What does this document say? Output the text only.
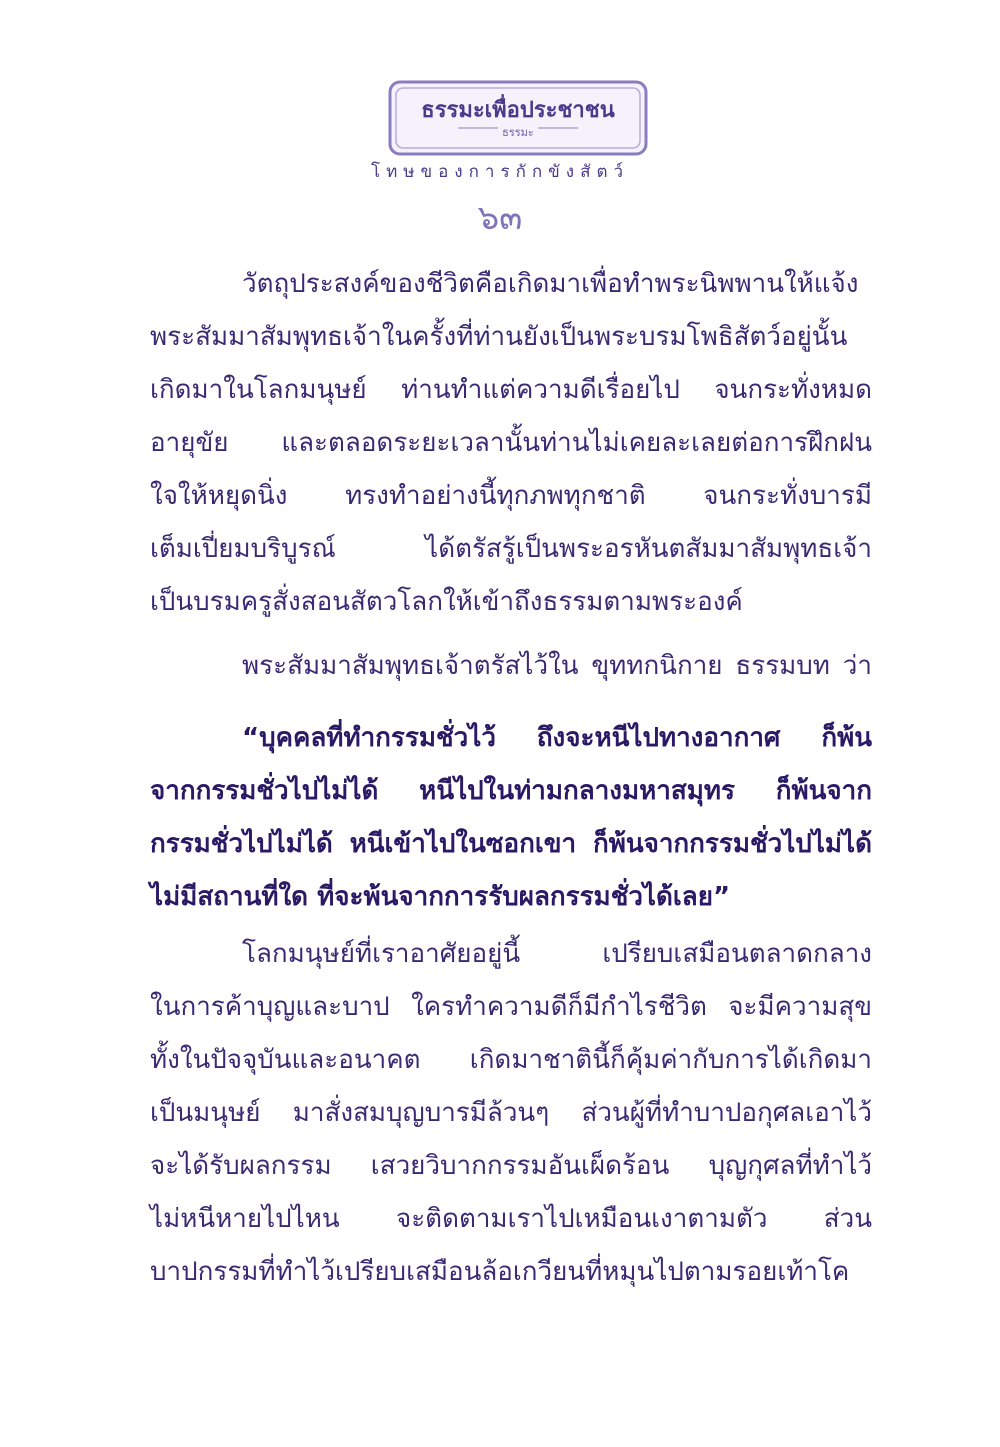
ธรรมะเพื่อประชาชน
ธรรมะ
โทษของการกักขังสัตว์
๖๓
วัตถุประสงค์ของชีวิตคือเกิดมาเพื่อทำพระนิพพานให้แจ้ง
พระสัมมาสัมพุทธเจ้าในครั้งที่ท่านยังเป็นพระบรมโพธิสัตว์อยู่นั้น
เกิดมาในโลกมนุษย์ ท่านทำแต่ความดีเรื่อยไป จนกระทั่งหมด
อายุขัย และตลอดระยะเวลานั้นท่านไม่เคยละเลยต่อการฝึกฝน
ใจให้หยุดนิ่ง ทรงทำอย่างนี้ทุกภพทุกชาติ จนกระทั่งบารมี
เต็มเปี่ยมบริบูรณ์ ได้ตรัสรู้เป็นพระอรหันตสัมมาสัมพุทธเจ้า
เป็นบรมครูสั่งสอนสัตวโลกให้เข้าถึงธรรมตามพระองค์
พระสัมมาสัมพุทธเจ้าตรัสไว้ใน ขุททกนิกาย ธรรมบท ว่า
“บุคคลที่ทำกรรมชั่วไว้ ถึงจะหนีไปทางอากาศ ก็พ้น
จากกรรมชั่วไปไม่ได้ หนีไปในท่ามกลางมหาสมุทร ก็พ้นจาก
กรรมชั่วไปไม่ได้ หนีเข้าไปในซอกเขา ก็พ้นจากกรรมชั่วไปไม่ได้
ไม่มีสถานที่ใด ที่จะพ้นจากการรับผลกรรมชั่วได้เลย”
โลกมนุษย์ที่เราอาศัยอยู่นี้ เปรียบเสมือนตลาดกลาง
ในการค้าบุญและบาป ใครทำความดีก็มีกำไรชีวิต จะมีความสุข
ทั้งในปัจจุบันและอนาคต เกิดมาชาตินี้ก็คุ้มค่ากับการได้เกิดมา
เป็นมนุษย์ มาสั่งสมบุญบารมีล้วนๆ ส่วนผู้ที่ทำบาปอกุศลเอาไว้
จะได้รับผลกรรม เสวยวิบากกรรมอันเผ็ดร้อน บุญกุศลที่ทำไว้
ไม่หนีหายไปไหน จะติดตามเราไปเหมือนเงาตามตัว ส่วน
บาปกรรมที่ทำไว้เปรียบเสมือนล้อเกวียนที่หมุนไปตามรอยเท้าโค
